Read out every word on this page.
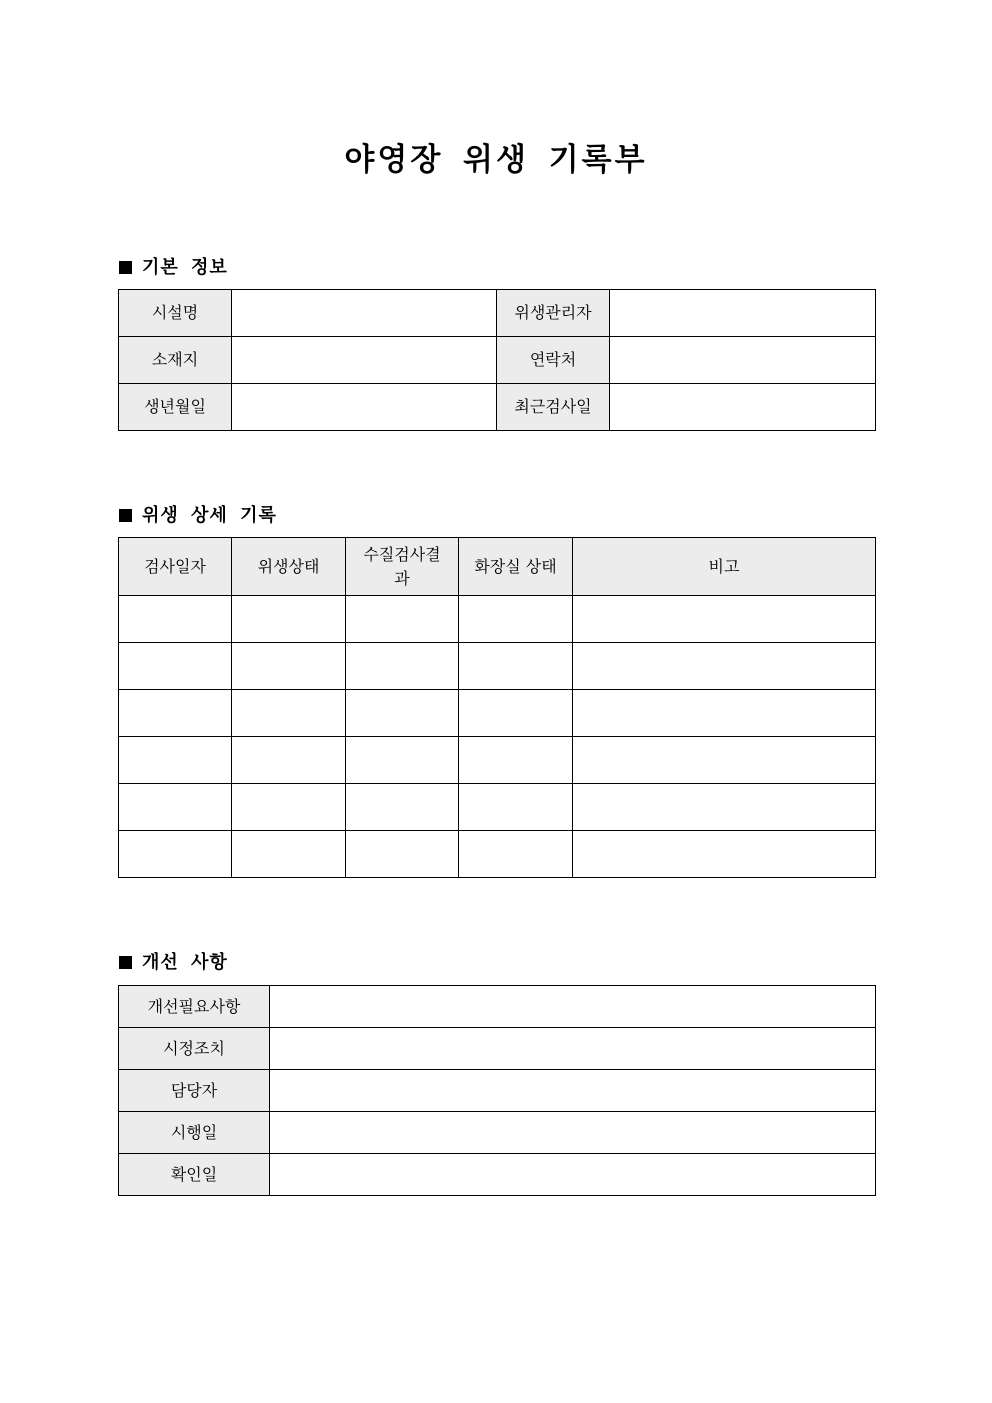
야영장 위생 기록부
기본 정보
시설명		위생관리자	
소재지		연락처	
생년월일		최근검사일	
위생 상세 기록
검사일자	위생상태	수질검사결과	화장실 상태	비고

개선 사항
개선필요사항	
시정조치	
담당자	
시행일	
확인일	
